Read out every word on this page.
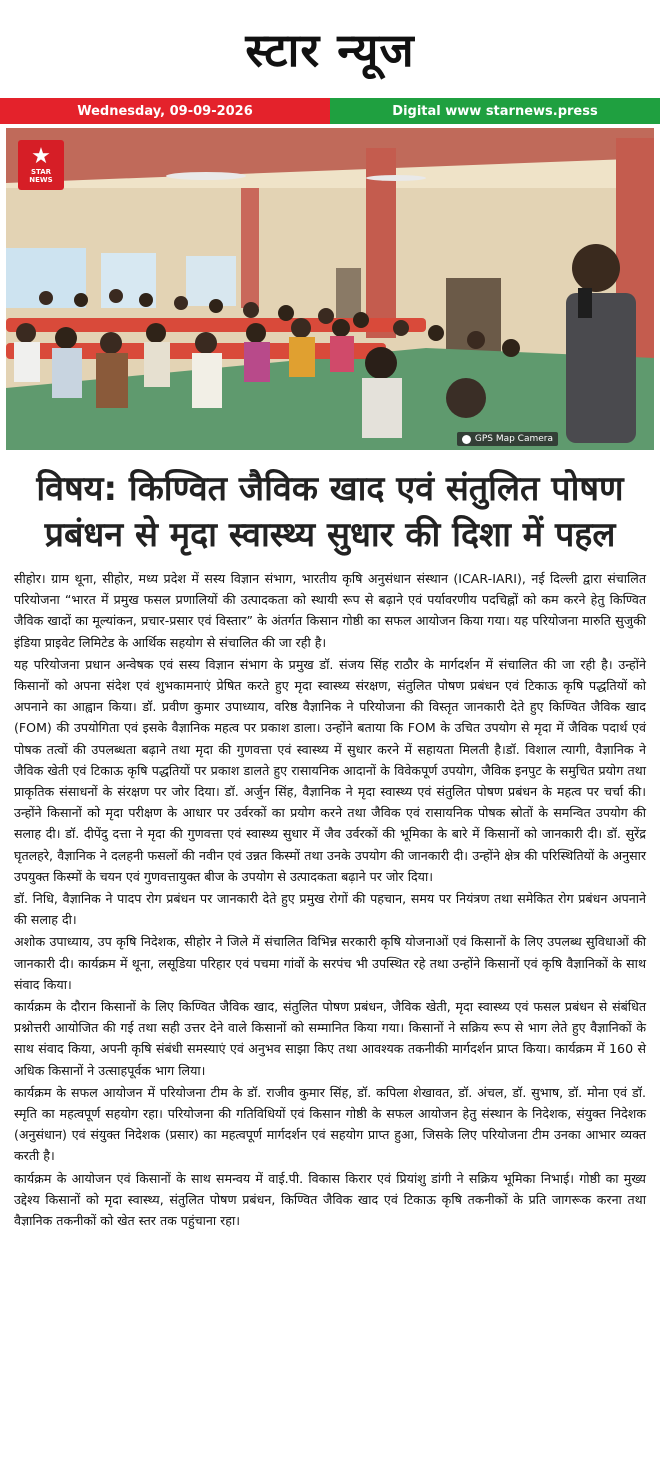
स्टार न्यूज
Wednesday, 09-09-2026	Digital www starnews.press
★
STAR
NEWS
GPS Map Camera
विषय: किण्वित जैविक खाद एवं संतुलित पोषण प्रबंधन से मृदा स्वास्थ्य सुधार की दिशा में पहल

सीहोर। ग्राम थूना, सीहोर, मध्य प्रदेश में सस्य विज्ञान संभाग, भारतीय कृषि अनुसंधान संस्थान (ICAR-IARI), नई दिल्ली द्वारा संचालित परियोजना “भारत में प्रमुख फसल प्रणालियों की उत्पादकता को स्थायी रूप से बढ़ाने एवं पर्यावरणीय पदचिह्नों को कम करने हेतु किण्वित जैविक खादों का मूल्यांकन, प्रचार-प्रसार एवं विस्तार” के अंतर्गत किसान गोष्ठी का सफल आयोजन किया गया। यह परियोजना मारुति सुजुकी इंडिया प्राइवेट लिमिटेड के आर्थिक सहयोग से संचालित की जा रही है।

यह परियोजना प्रधान अन्वेषक एवं सस्य विज्ञान संभाग के प्रमुख डॉ. संजय सिंह राठौर के मार्गदर्शन में संचालित की जा रही है। उन्होंने किसानों को अपना संदेश एवं शुभकामनाएं प्रेषित करते हुए मृदा स्वास्थ्य संरक्षण, संतुलित पोषण प्रबंधन एवं टिकाऊ कृषि पद्धतियों को अपनाने का आह्वान किया। डॉ. प्रवीण कुमार उपाध्याय, वरिष्ठ वैज्ञानिक ने परियोजना की विस्तृत जानकारी देते हुए किण्वित जैविक खाद (FOM) की उपयोगिता एवं इसके वैज्ञानिक महत्व पर प्रकाश डाला। उन्होंने बताया कि FOM के उचित उपयोग से मृदा में जैविक पदार्थ एवं पोषक तत्वों की उपलब्धता बढ़ाने तथा मृदा की गुणवत्ता एवं स्वास्थ्य में सुधार करने में सहायता मिलती है।डॉ. विशाल त्यागी, वैज्ञानिक ने जैविक खेती एवं टिकाऊ कृषि पद्धतियों पर प्रकाश डालते हुए रासायनिक आदानों के विवेकपूर्ण उपयोग, जैविक इनपुट के समुचित प्रयोग तथा प्राकृतिक संसाधनों के संरक्षण पर जोर दिया। डॉ. अर्जुन सिंह, वैज्ञानिक ने मृदा स्वास्थ्य एवं संतुलित पोषण प्रबंधन के महत्व पर चर्चा की। उन्होंने किसानों को मृदा परीक्षण के आधार पर उर्वरकों का प्रयोग करने तथा जैविक एवं रासायनिक पोषक स्रोतों के समन्वित उपयोग की सलाह दी। डॉ. दीपेंदु दत्ता ने मृदा की गुणवत्ता एवं स्वास्थ्य सुधार में जैव उर्वरकों की भूमिका के बारे में किसानों को जानकारी दी। डॉ. सुरेंद्र घृतलहरे, वैज्ञानिक ने दलहनी फसलों की नवीन एवं उन्नत किस्मों तथा उनके उपयोग की जानकारी दी। उन्होंने क्षेत्र की परिस्थितियों के अनुसार उपयुक्त किस्मों के चयन एवं गुणवत्तायुक्त बीज के उपयोग से उत्पादकता बढ़ाने पर जोर दिया।

डॉ. निधि, वैज्ञानिक ने पादप रोग प्रबंधन पर जानकारी देते हुए प्रमुख रोगों की पहचान, समय पर नियंत्रण तथा समेकित रोग प्रबंधन अपनाने की सलाह दी।

अशोक उपाध्याय, उप कृषि निदेशक, सीहोर ने जिले में संचालित विभिन्न सरकारी कृषि योजनाओं एवं किसानों के लिए उपलब्ध सुविधाओं की जानकारी दी। कार्यक्रम में थूना, लसूडिया परिहार एवं पचमा गांवों के सरपंच भी उपस्थित रहे तथा उन्होंने किसानों एवं कृषि वैज्ञानिकों के साथ संवाद किया।

कार्यक्रम के दौरान किसानों के लिए किण्वित जैविक खाद, संतुलित पोषण प्रबंधन, जैविक खेती, मृदा स्वास्थ्य एवं फसल प्रबंधन से संबंधित प्रश्नोत्तरी आयोजित की गई तथा सही उत्तर देने वाले किसानों को सम्मानित किया गया। किसानों ने सक्रिय रूप से भाग लेते हुए वैज्ञानिकों के साथ संवाद किया, अपनी कृषि संबंधी समस्याएं एवं अनुभव साझा किए तथा आवश्यक तकनीकी मार्गदर्शन प्राप्त किया। कार्यक्रम में 160 से अधिक किसानों ने उत्साहपूर्वक भाग लिया।

कार्यक्रम के सफल आयोजन में परियोजना टीम के डॉ. राजीव कुमार सिंह, डॉ. कपिला शेखावत, डॉ. अंचल, डॉ. सुभाष, डॉ. मोना एवं डॉ. स्मृति का महत्वपूर्ण सहयोग रहा। परियोजना की गतिविधियों एवं किसान गोष्ठी के सफल आयोजन हेतु संस्थान के निदेशक, संयुक्त निदेशक (अनुसंधान) एवं संयुक्त निदेशक (प्रसार) का महत्वपूर्ण मार्गदर्शन एवं सहयोग प्राप्त हुआ, जिसके लिए परियोजना टीम उनका आभार व्यक्त करती है।

कार्यक्रम के आयोजन एवं किसानों के साथ समन्वय में वाई.पी. विकास किरार एवं प्रियांशु डांगी ने सक्रिय भूमिका निभाई। गोष्ठी का मुख्य उद्देश्य किसानों को मृदा स्वास्थ्य, संतुलित पोषण प्रबंधन, किण्वित जैविक खाद एवं टिकाऊ कृषि तकनीकों के प्रति जागरूक करना तथा वैज्ञानिक तकनीकों को खेत स्तर तक पहुंचाना रहा।
